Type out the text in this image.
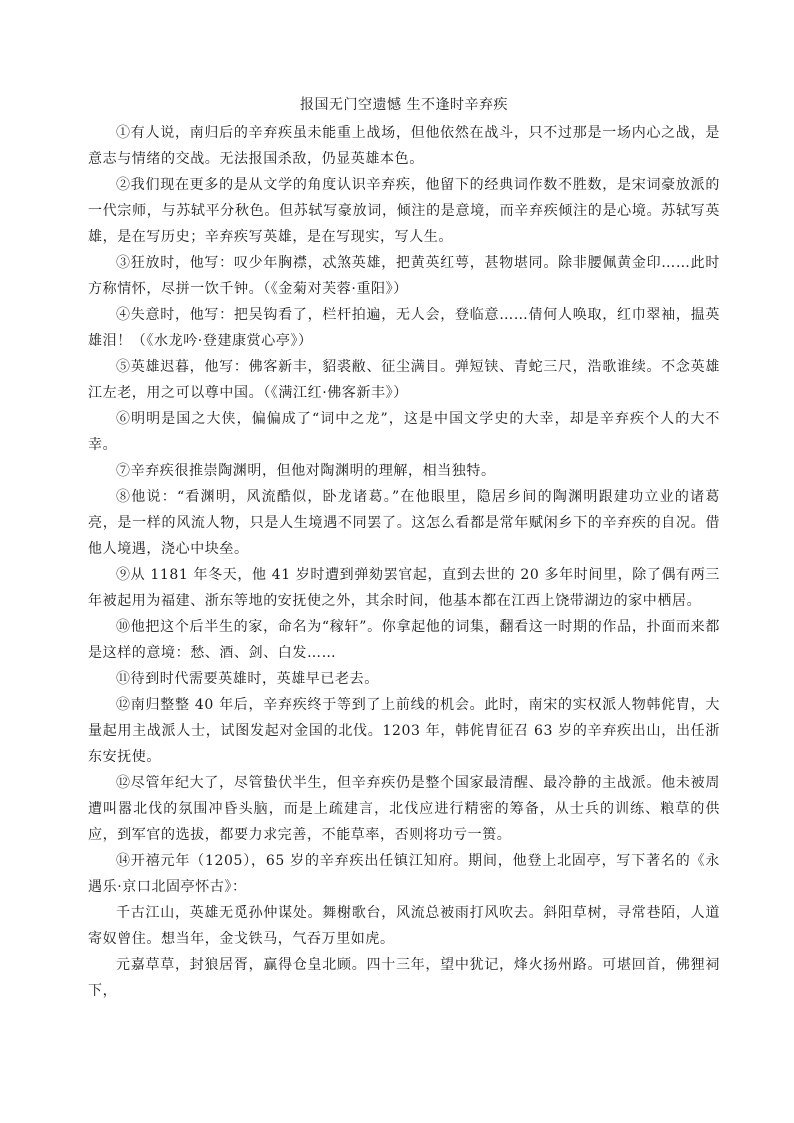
报国无门空遗憾 生不逢时辛弃疾

①有人说，南归后的辛弃疾虽未能重上战场，但他依然在战斗，只不过那是一场内心之战，是意志与情绪的交战。无法报国杀敌，仍显英雄本色。

②我们现在更多的是从文学的角度认识辛弃疾，他留下的经典词作数不胜数，是宋词豪放派的一代宗师，与苏轼平分秋色。但苏轼写豪放词，倾注的是意境，而辛弃疾倾注的是心境。苏轼写英雄，是在写历史；辛弃疾写英雄，是在写现实，写人生。

③狂放时，他写：叹少年胸襟，忒煞英雄，把黄英红萼，甚物堪同。除非腰佩黄金印……此时方称情怀，尽拼一饮千钟。（《金菊对芙蓉·重阳》）

④失意时，他写：把吴钩看了，栏杆拍遍，无人会，登临意……倩何人唤取，红巾翠袖，揾英雄泪！（《水龙吟·登建康赏心亭》）

⑤英雄迟暮，他写：佛客新丰，貂裘敝、征尘满目。弹短铗、青蛇三尺，浩歌谁续。不念英雄江左老，用之可以尊中国。（《满江红·佛客新丰》）

⑥明明是国之大侠，偏偏成了“词中之龙”，这是中国文学史的大幸，却是辛弃疾个人的大不幸。

⑦辛弃疾很推崇陶渊明，但他对陶渊明的理解，相当独特。

⑧他说：“看渊明，风流酷似，卧龙诸葛。”在他眼里，隐居乡间的陶渊明跟建功立业的诸葛亮，是一样的风流人物，只是人生境遇不同罢了。这怎么看都是常年赋闲乡下的辛弃疾的自况。借他人境遇，浇心中块垒。

⑨从 1181 年冬天，他 41 岁时遭到弹劾罢官起，直到去世的 20 多年时间里，除了偶有两三年被起用为福建、浙东等地的安抚使之外，其余时间，他基本都在江西上饶带湖边的家中栖居。

⑩他把这个后半生的家，命名为“稼轩”。你拿起他的词集，翻看这一时期的作品，扑面而来都是这样的意境：愁、酒、剑、白发……

⑪待到时代需要英雄时，英雄早已老去。

⑫南归整整 40 年后，辛弃疾终于等到了上前线的机会。此时，南宋的实权派人物韩侂胄，大量起用主战派人士，试图发起对金国的北伐。1203 年，韩侂胄征召 63 岁的辛弃疾出山，出任浙东安抚使。

⑫尽管年纪大了，尽管蛰伏半生，但辛弃疾仍是整个国家最清醒、最冷静的主战派。他未被周遭叫嚣北伐的氛围冲昏头脑，而是上疏建言，北伐应进行精密的筹备，从士兵的训练、粮草的供应，到军官的选拔，都要力求完善，不能草率，否则将功亏一篑。

⑭开禧元年（1205），65 岁的辛弃疾出任镇江知府。期间，他登上北固亭，写下著名的《永遇乐·京口北固亭怀古》：

千古江山，英雄无觅孙仲谋处。舞榭歌台，风流总被雨打风吹去。斜阳草树，寻常巷陌，人道寄奴曾住。想当年，金戈铁马，气吞万里如虎。

元嘉草草，封狼居胥，赢得仓皇北顾。四十三年，望中犹记，烽火扬州路。可堪回首，佛狸祠下，
